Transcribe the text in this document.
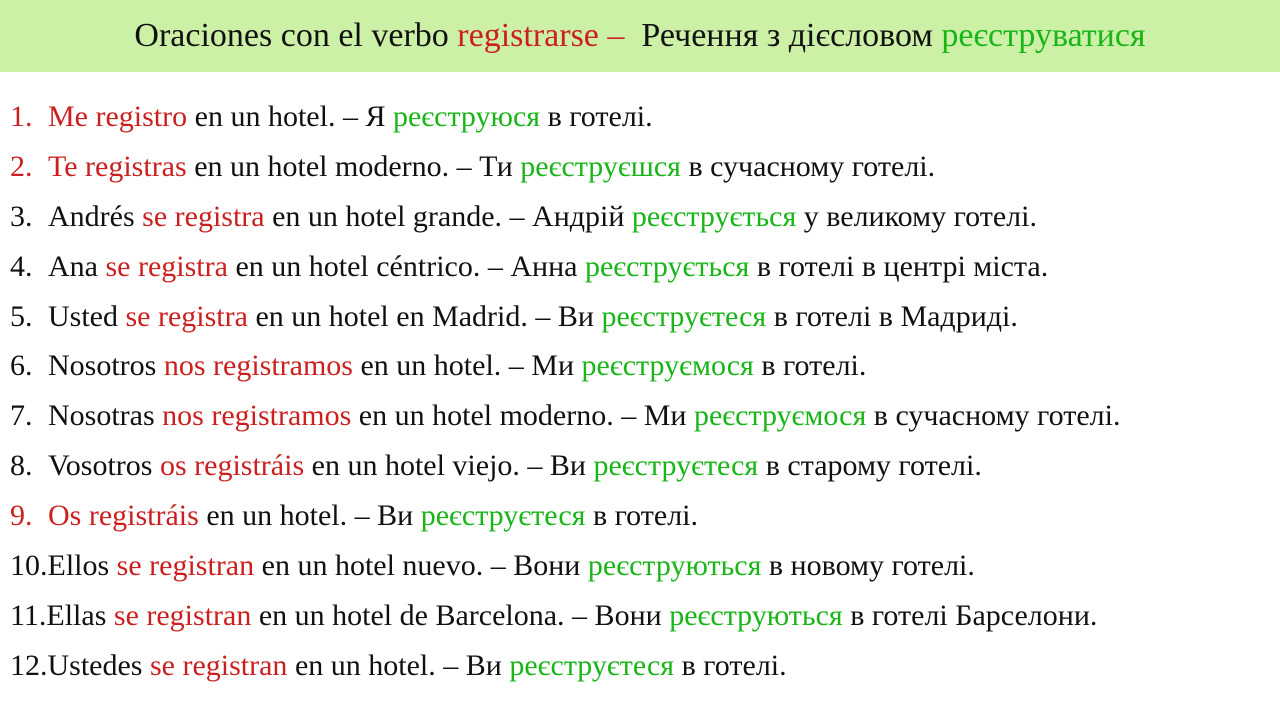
Oraciones con el verbo registrarse – Речення з дієсловом реєструватися
1. Me registro en un hotel. – Я реєструюся в готелі.
2. Te registras en un hotel moderno. – Ти реєструєшся в сучасному готелі.
3. Andrés se registra en un hotel grande. – Андрій реєструється у великому готелі.
4. Ana se registra en un hotel céntrico. – Анна реєструється в готелі в центрі міста.
5. Usted se registra en un hotel en Madrid. – Ви реєструєтеся в готелі в Мадриді.
6. Nosotros nos registramos en un hotel. – Ми реєструємося в готелі.
7. Nosotras nos registramos en un hotel moderno. – Ми реєструємося в сучасному готелі.
8. Vosotros os registráis en un hotel viejo. – Ви реєструєтеся в старому готелі.
9. Os registráis en un hotel. – Ви реєструєтеся в готелі.
10. Ellos se registran en un hotel nuevo. – Вони реєструються в новому готелі.
11. Ellas se registran en un hotel de Barcelona. – Вони реєструються в готелі Барселони.
12. Ustedes se registran en un hotel. – Ви реєструєтеся в готелі.
